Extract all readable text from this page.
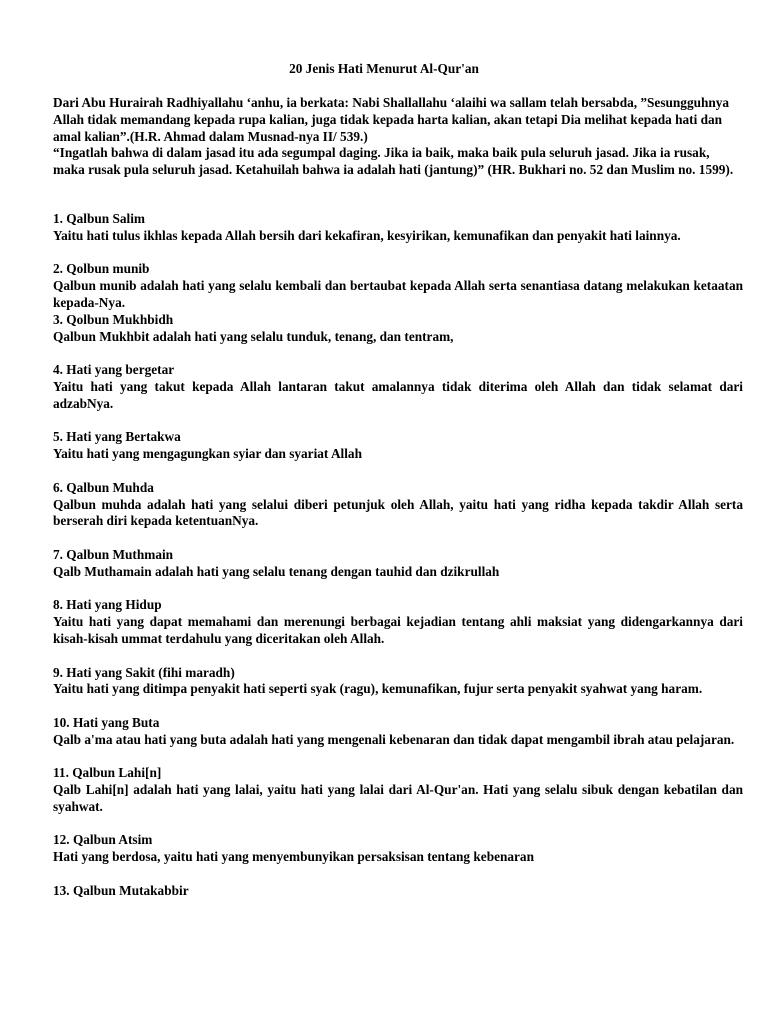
20 Jenis Hati Menurut Al-Qur'an

Dari Abu Hurairah Radhiyallahu ‘anhu, ia berkata: Nabi Shallallahu ‘alaihi wa sallam telah bersabda, ”Sesungguhnya Allah tidak memandang kepada rupa kalian, juga tidak kepada harta kalian, akan tetapi Dia melihat kepada hati dan amal kalian”.(H.R. Ahmad dalam Musnad-nya II/ 539.)

“Ingatlah bahwa di dalam jasad itu ada segumpal daging. Jika ia baik, maka baik pula seluruh jasad. Jika ia rusak, maka rusak pula seluruh jasad. Ketahuilah bahwa ia adalah hati (jantung)” (HR. Bukhari no. 52 dan Muslim no. 1599).

1. Qalbun Salim
Yaitu hati tulus ikhlas kepada Allah bersih dari kekafiran, kesyirikan, kemunafikan dan penyakit hati lainnya.
2. Qolbun munib
Qalbun munib adalah hati yang selalu kembali dan bertaubat kepada Allah serta senantiasa datang melakukan ketaatan kepada-Nya.
3. Qolbun Mukhbidh
Qalbun Mukhbit adalah hati yang selalu tunduk, tenang, dan tentram,
4. Hati yang bergetar
Yaitu hati yang takut kepada Allah lantaran takut amalannya tidak diterima oleh Allah dan tidak selamat dari adzabNya.
5. Hati yang Bertakwa
Yaitu hati yang mengagungkan syiar dan syariat Allah
6. Qalbun Muhda
Qalbun muhda adalah hati yang selalui diberi petunjuk oleh Allah, yaitu hati yang ridha kepada takdir Allah serta berserah diri kepada ketentuanNya.
7. Qalbun Muthmain
Qalb Muthamain adalah hati yang selalu tenang dengan tauhid dan dzikrullah
8. Hati yang Hidup
Yaitu hati yang dapat memahami dan merenungi berbagai kejadian tentang ahli maksiat yang didengarkannya dari kisah-kisah ummat terdahulu yang diceritakan oleh Allah.
9. Hati yang Sakit (fihi maradh)
Yaitu hati yang ditimpa penyakit hati seperti syak (ragu), kemunafikan, fujur serta penyakit syahwat yang haram.
10. Hati yang Buta
Qalb a'ma atau hati yang buta adalah hati yang mengenali kebenaran dan tidak dapat mengambil ibrah atau pelajaran.
11. Qalbun Lahi[n]
Qalb Lahi[n] adalah hati yang lalai, yaitu hati yang lalai dari Al-Qur'an. Hati yang selalu sibuk dengan kebatilan dan syahwat.
12. Qalbun Atsim
Hati yang berdosa, yaitu hati yang menyembunyikan persaksisan tentang kebenaran
13. Qalbun Mutakabbir
